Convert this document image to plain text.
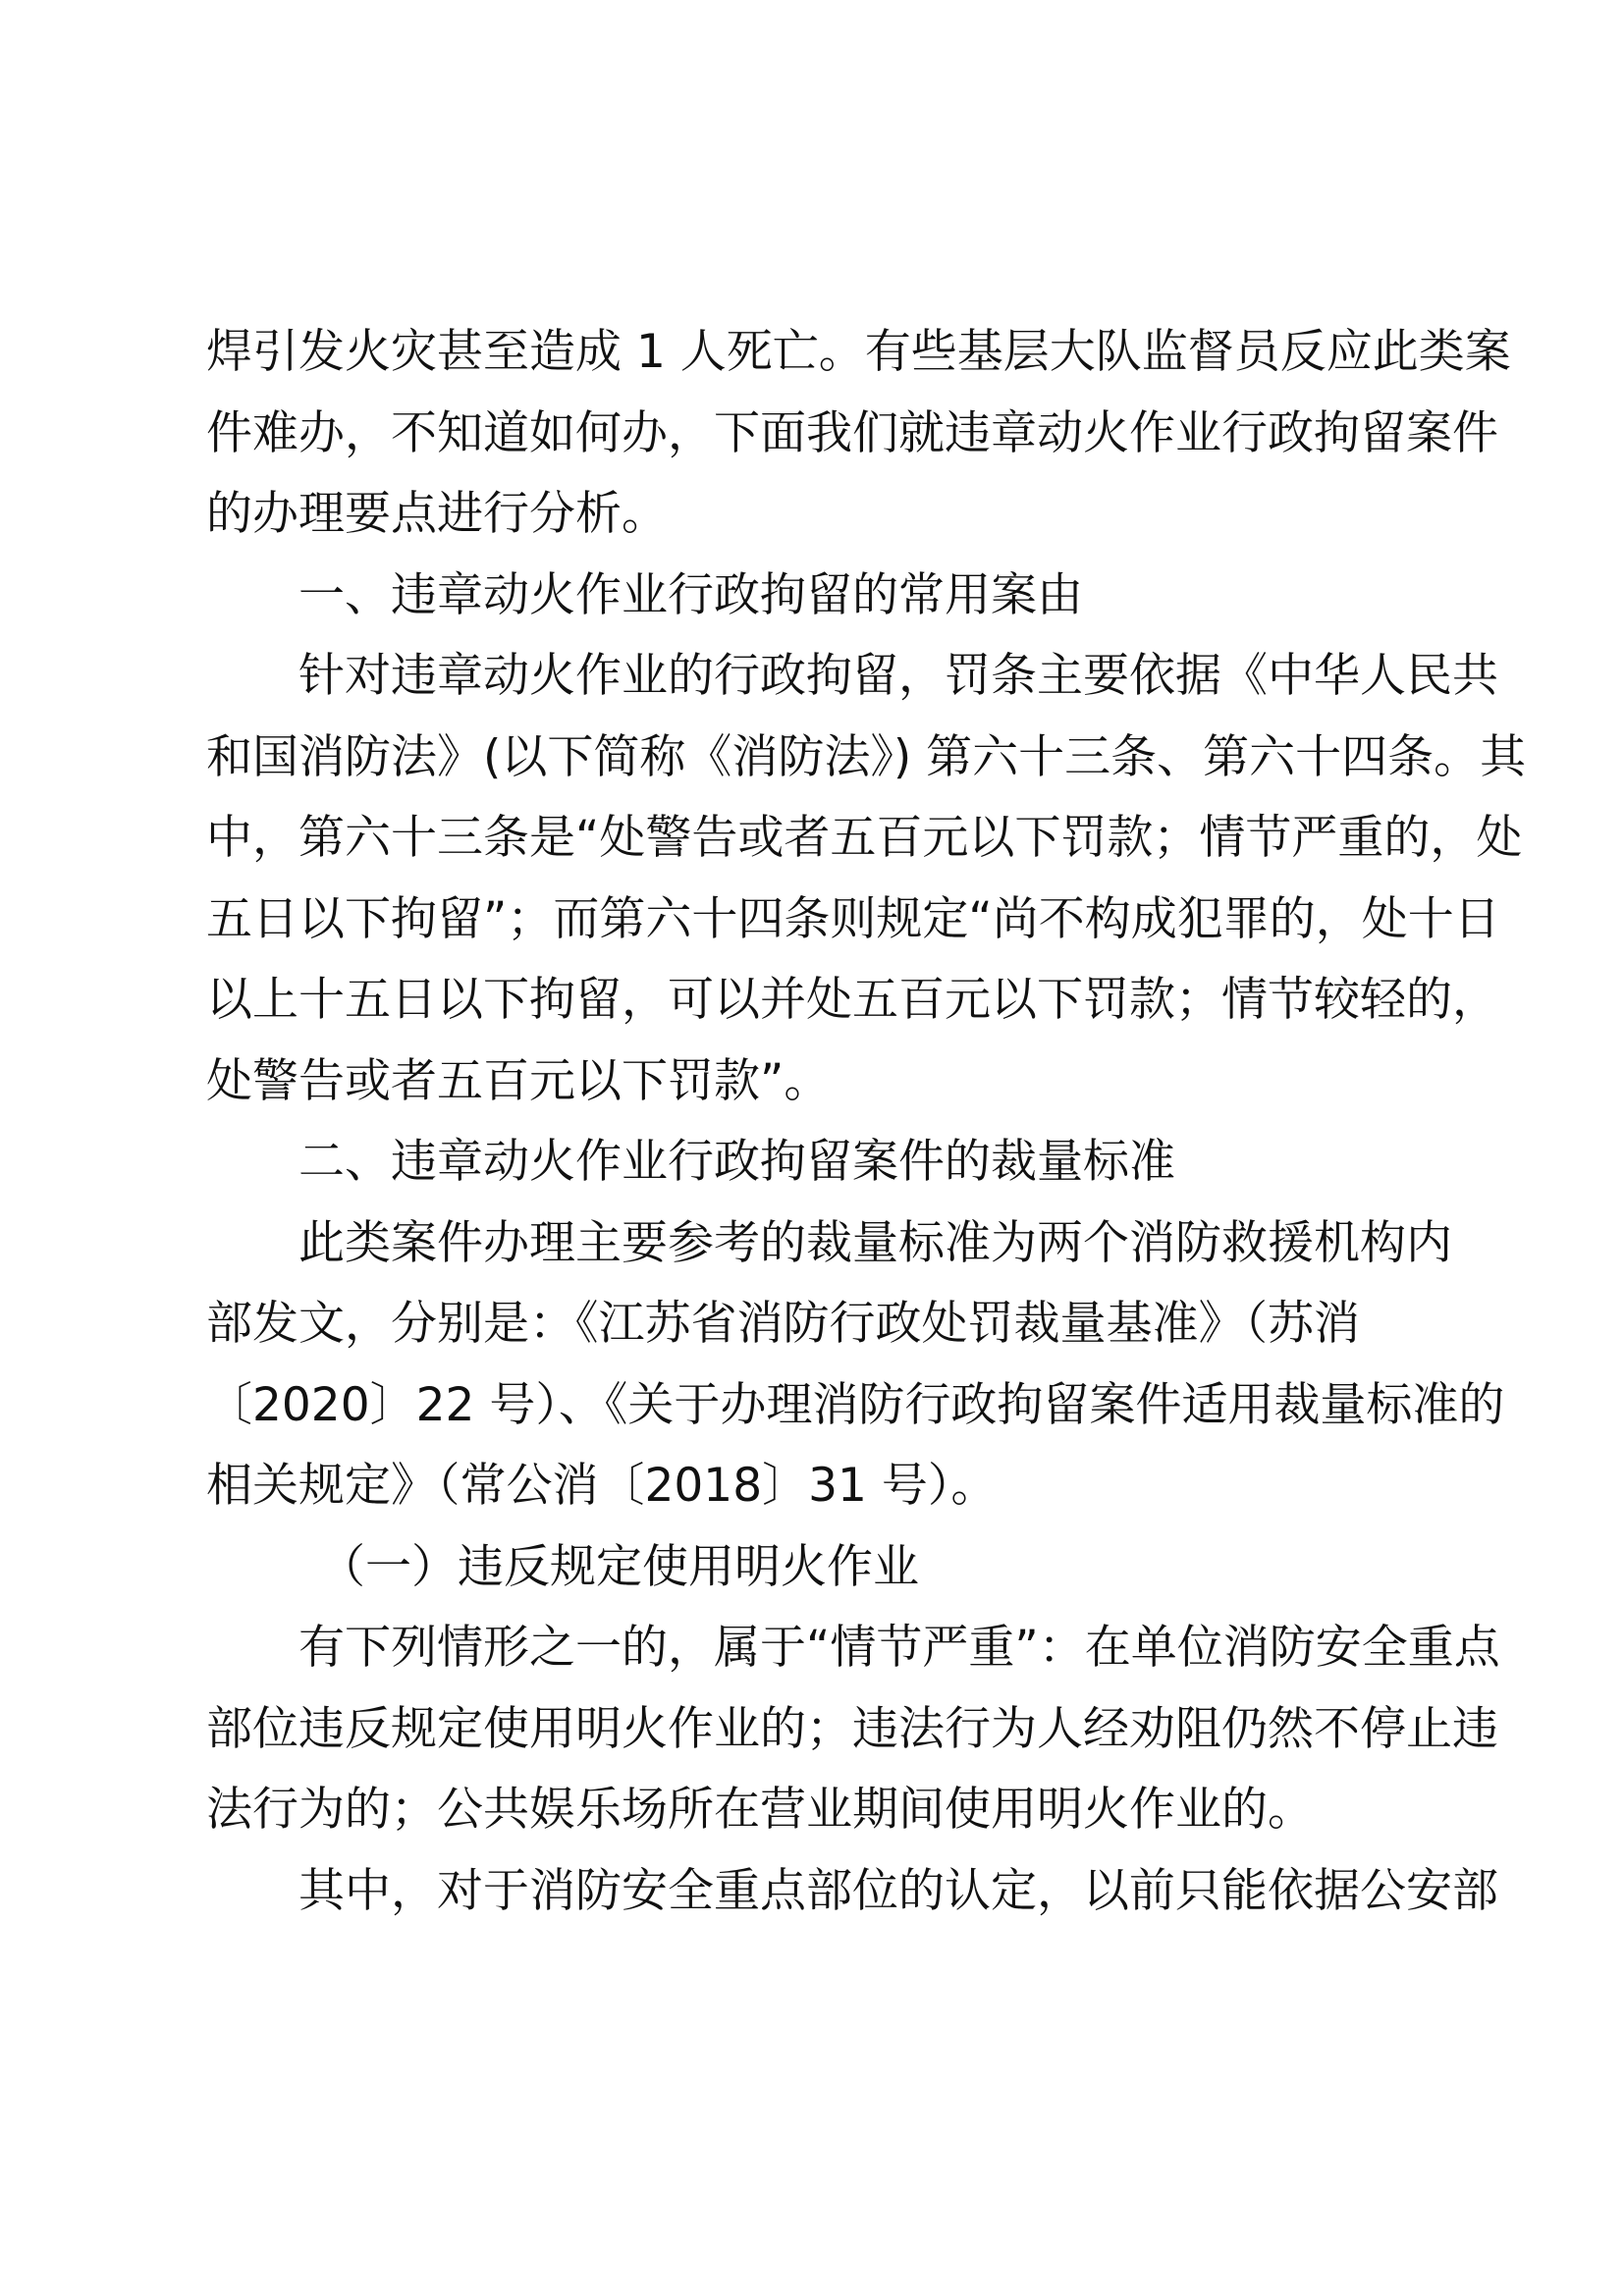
焊引发火灾甚至造成 1 人死亡。有些基层大队监督员反应此类案
件难办，不知道如何办，下面我们就违章动火作业行政拘留案件
的办理要点进行分析。
一、违章动火作业行政拘留的常用案由
针对违章动火作业的行政拘留，罚条主要依据《中华人民共
和国消防法》(以下简称《消防法》) 第六十三条、第六十四条。其
中，第六十三条是“处警告或者五百元以下罚款；情节严重的，处
五日以下拘留”；而第六十四条则规定“尚不构成犯罪的，处十日
以上十五日以下拘留，可以并处五百元以下罚款；情节较轻的，
处警告或者五百元以下罚款”。
二、违章动火作业行政拘留案件的裁量标准
此类案件办理主要参考的裁量标准为两个消防救援机构内
部发文，分别是：《江苏省消防行政处罚裁量基准》（苏消
〔2020〕22 号）、《关于办理消防行政拘留案件适用裁量标准的
相关规定》（常公消〔2018〕31 号）。
（一）违反规定使用明火作业
有下列情形之一的，属于“情节严重”：在单位消防安全重点
部位违反规定使用明火作业的；违法行为人经劝阻仍然不停止违
法行为的；公共娱乐场所在营业期间使用明火作业的。
其中，对于消防安全重点部位的认定，以前只能依据公安部
